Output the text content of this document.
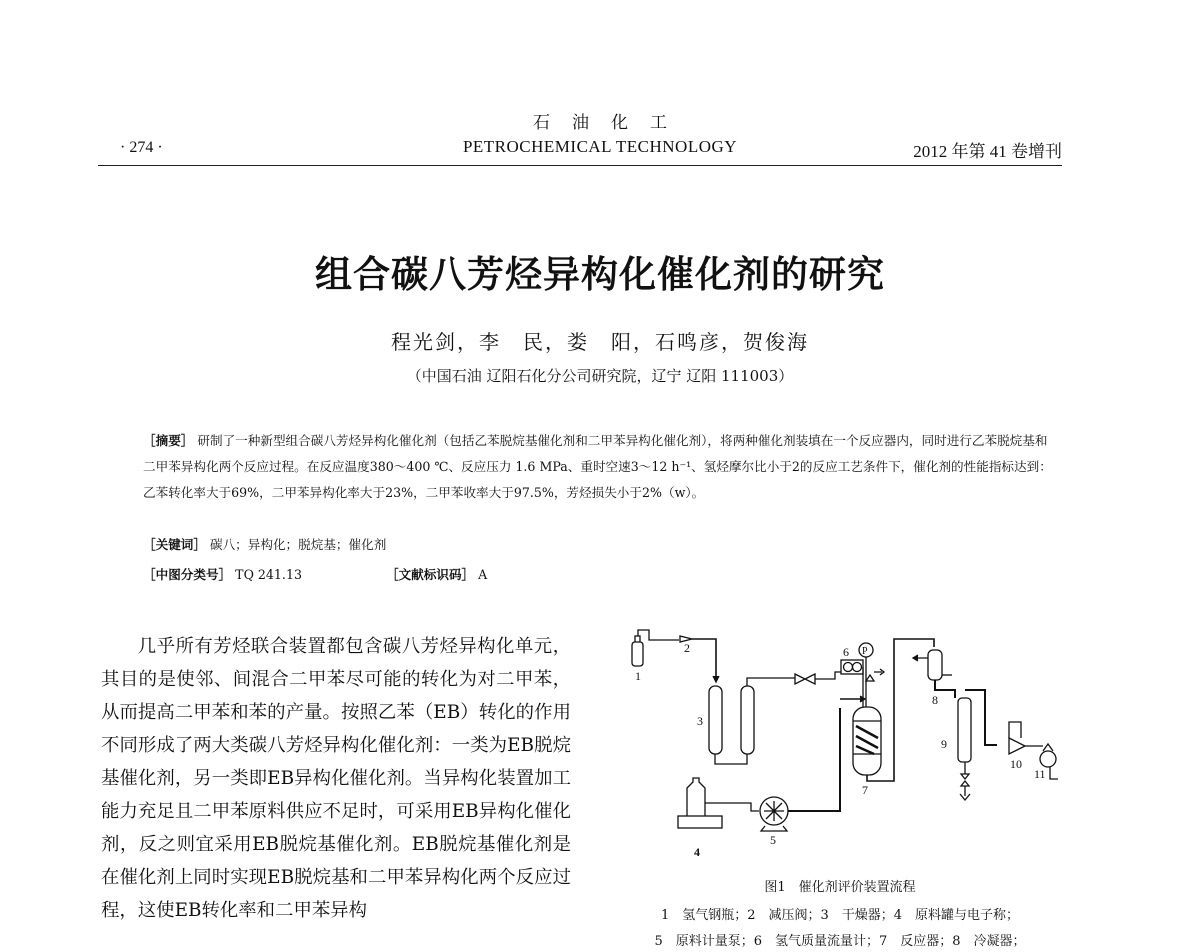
石油化工
· 274 ·	PETROCHEMICAL TECHNOLOGY	2012 年第 41 卷增刊
组合碳八芳烃异构化催化剂的研究
程光剑，李　民，娄　阳，石鸣彦，贺俊海
（中国石油 辽阳石化分公司研究院，辽宁 辽阳 111003）

［摘要］ 研制了一种新型组合碳八芳烃异构化催化剂（包括乙苯脱烷基催化剂和二甲苯异构化催化剂），将两种催化剂装填在一个反应器内，同时进行乙苯脱烷基和二甲苯异构化两个反应过程。在反应温度380～400 ℃、反应压力 1.6 MPa、重时空速3～12 h⁻¹、氢烃摩尔比小于2的反应工艺条件下，催化剂的性能指标达到：乙苯转化率大于69%，二甲苯异构化率大于23%，二甲苯收率大于97.5%，芳烃损失小于2%（w）。

［关键词］ 碳八；异构化；脱烷基；催化剂
［中图分类号］ TQ 241.13	［文献标识码］ A

几乎所有芳烃联合装置都包含碳八芳烃异构化单元，其目的是使邻、间混合二甲苯尽可能的转化为对二甲苯，从而提高二甲苯和苯的产量。按照乙苯（EB）转化的作用不同形成了两大类碳八芳烃异构化催化剂：一类为EB脱烷基催化剂，另一类即EB异构化催化剂。当异构化装置加工能力充足且二甲苯原料供应不足时，可采用EB异构化催化剂，反之则宜采用EB脱烷基催化剂。EB脱烷基催化剂是在催化剂上同时实现EB脱烷基和二甲苯异构化两个反应过程，这使EB转化率和二甲苯异构

P
1
2
3
4
5
6
7
8
9
10
11
图1　催化剂评价装置流程
1　氢气钢瓶；2　减压阀；3　干燥器；4　原料罐与电子称；
5　原料计量泵；6　氢气质量流量计；7　反应器；8　冷凝器；
